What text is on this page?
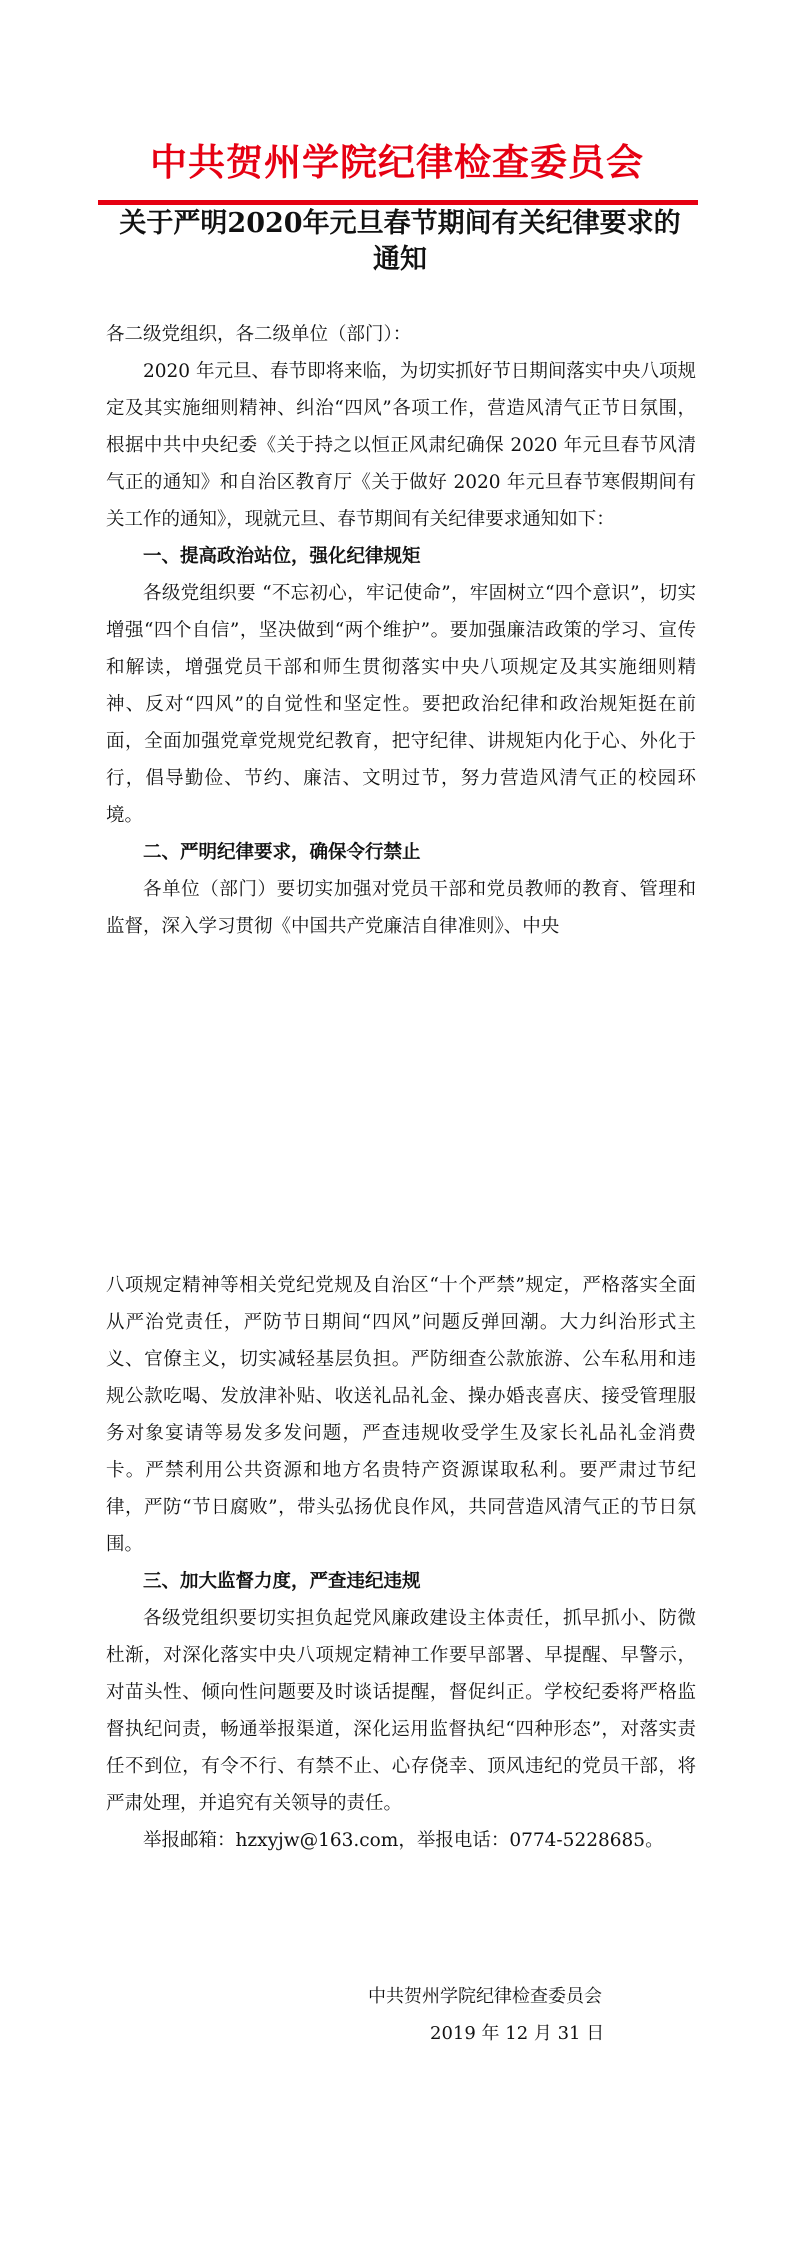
中共贺州学院纪律检查委员会
关于严明2020年元旦春节期间有关纪律要求的
通知

各二级党组织，各二级单位（部门）：

2020 年元旦、春节即将来临，为切实抓好节日期间落实中央八项规定及其实施细则精神、纠治“四风”各项工作，营造风清气正节日氛围，根据中共中央纪委《关于持之以恒正风肃纪确保 2020 年元旦春节风清气正的通知》和自治区教育厅《关于做好 2020 年元旦春节寒假期间有关工作的通知》，现就元旦、春节期间有关纪律要求通知如下：

一、提高政治站位，强化纪律规矩

各级党组织要 “不忘初心，牢记使命”，牢固树立“四个意识”，切实增强“四个自信”，坚决做到“两个维护”。要加强廉洁政策的学习、宣传和解读，增强党员干部和师生贯彻落实中央八项规定及其实施细则精神、反对“四风”的自觉性和坚定性。要把政治纪律和政治规矩挺在前面，全面加强党章党规党纪教育，把守纪律、讲规矩内化于心、外化于行，倡导勤俭、节约、廉洁、文明过节，努力营造风清气正的校园环境。

二、严明纪律要求，确保令行禁止

各单位（部门）要切实加强对党员干部和党员教师的教育、管理和监督，深入学习贯彻《中国共产党廉洁自律准则》、中央

八项规定精神等相关党纪党规及自治区“十个严禁”规定，严格落实全面从严治党责任，严防节日期间“四风”问题反弹回潮。大力纠治形式主义、官僚主义，切实减轻基层负担。严防细查公款旅游、公车私用和违规公款吃喝、发放津补贴、收送礼品礼金、操办婚丧喜庆、接受管理服务对象宴请等易发多发问题，严查违规收受学生及家长礼品礼金消费卡。严禁利用公共资源和地方名贵特产资源谋取私利。要严肃过节纪律，严防“节日腐败”，带头弘扬优良作风，共同营造风清气正的节日氛围。

三、加大监督力度，严查违纪违规

各级党组织要切实担负起党风廉政建设主体责任，抓早抓小、防微杜渐，对深化落实中央八项规定精神工作要早部署、早提醒、早警示，对苗头性、倾向性问题要及时谈话提醒，督促纠正。学校纪委将严格监督执纪问责，畅通举报渠道，深化运用监督执纪“四种形态”，对落实责任不到位，有令不行、有禁不止、心存侥幸、顶风违纪的党员干部，将严肃处理，并追究有关领导的责任。

举报邮箱：hzxyjw@163.com，举报电话：0774-5228685。

中共贺州学院纪律检查委员会
2019 年 12 月 31 日
